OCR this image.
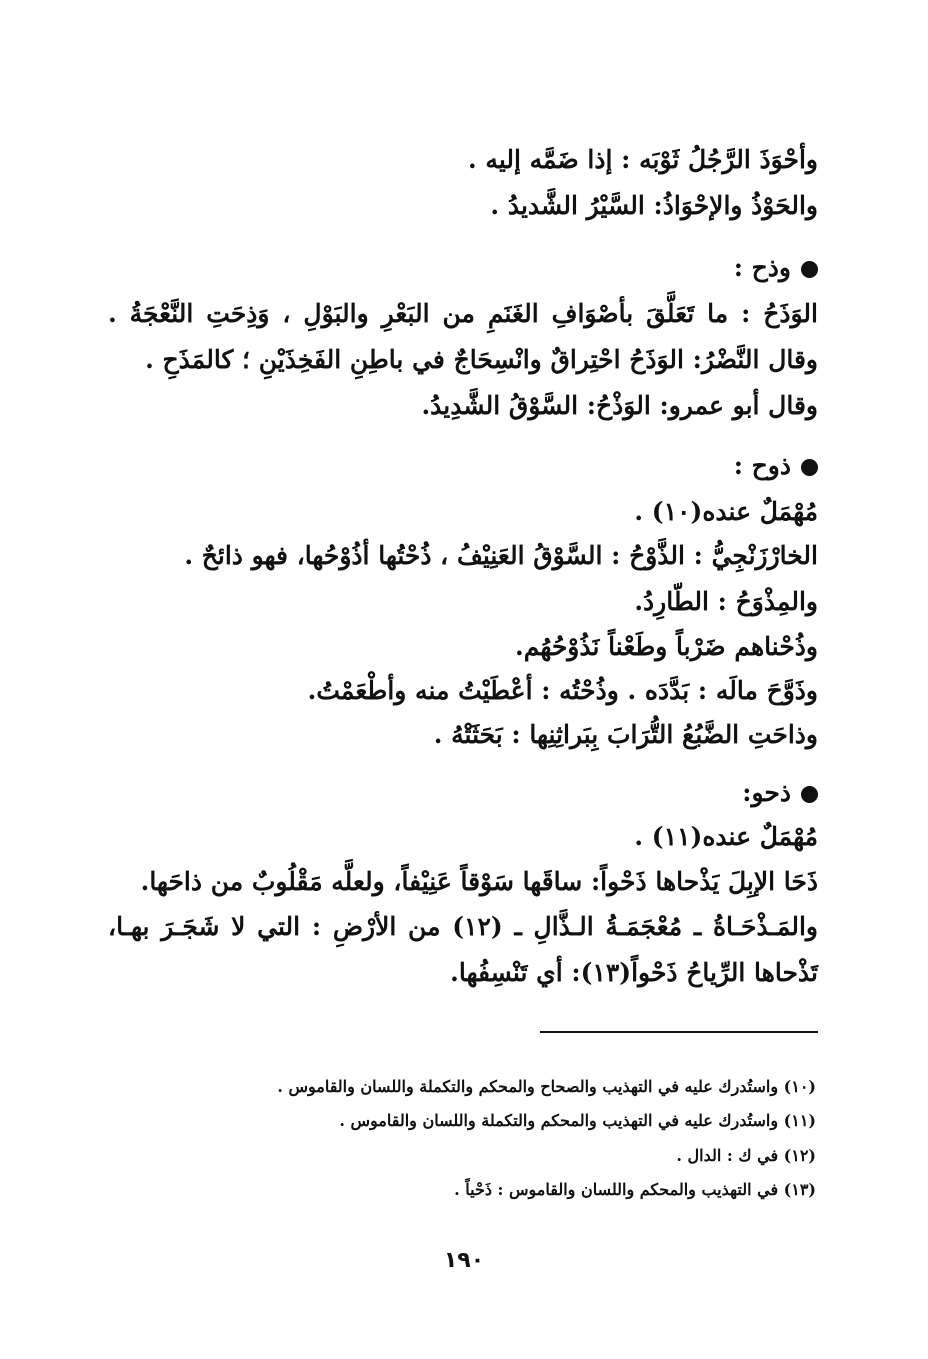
وأحْوَذَ الرَّجُلُ ثَوْبَه : إذا ضَمَّه إليه .
والحَوْذُ والإحْوَاذُ: السَّيْرُ الشَّديدُ .
وذح :
الوَذَحُ : ما تَعَلَّقَ بأصْوَافِ الغَنَمِ من البَعْرِ والبَوْلِ ، وَذِحَتِ النَّعْجَةُ .
وقال النَّضْرُ: الوَذَحُ احْتِراقٌ وانْسِحَاجٌ في باطِنِ الفَخِذَيْنِ ؛ كالمَذَحِ .
وقال أبو عمرو: الوَذْحُ: السَّوْقُ الشَّدِيدُ.
ذوح :
مُهْمَلٌ عنده(١٠) .
الخارْزَنْجِيُّ : الذَّوْحُ : السَّوْقُ العَنِيْفُ ، ذُحْتُها أذُوْحُها، فهو ذائحٌ .
والمِذْوَحُ : الطّارِدُ.
وذُحْناهم ضَرْباً وطَعْناً نَذُوْحُهُم.
وذَوَّحَ مالَه : بَدَّدَه . وذُحْتُه : أعْطَيْتُ منه وأطْعَمْتُ.
وذاحَتِ الضَّبُعُ التُّرَابَ بِبَراثِنِها : بَحَثَتْهُ .
ذحو:
مُهْمَلٌ عنده(١١) .
ذَحَا الإبِلَ يَذْحاها ذَحْواً: ساقَها سَوْقاً عَنِيْفاً، ولعلَّه مَقْلُوبٌ من ذاحَها.
والمَـذْحَـاةُ ـ مُعْجَمَـةُ الـذَّالِ ـ (١٢) من الأرْضِ : التي لا شَجَـرَ بهـا،
تَذْحاها الرِّياحُ ذَحْواً(١٣): أي تَنْسِفُها.
(١٠) واستُدرك عليه في التهذيب والصحاح والمحكم والتكملة واللسان والقاموس .
(١١) واستُدرك عليه في التهذيب والمحكم والتكملة واللسان والقاموس .
(١٢) في ك : الدال .
(١٣) في التهذيب والمحكم واللسان والقاموس : ذَحْياً .
١٩٠
